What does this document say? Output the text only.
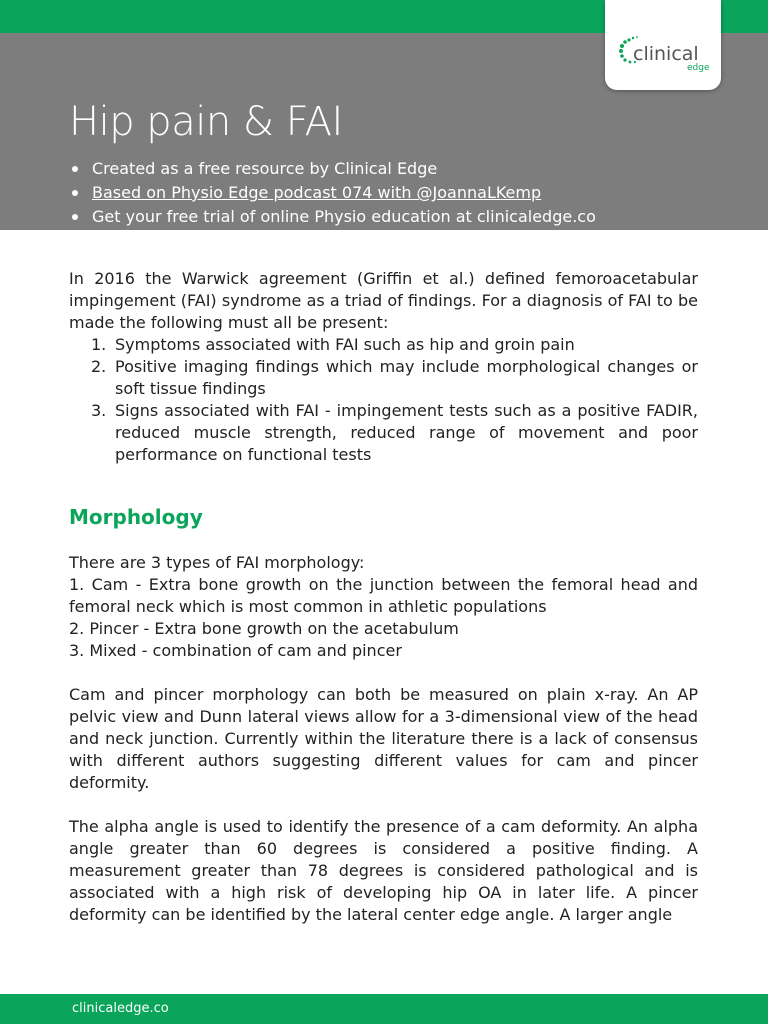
Hip pain & FAI
Created as a free resource by Clinical Edge
Based on Physio Edge podcast 074 with @JoannaLKemp
Get your free trial of online Physio education at clinicaledge.co
clinical
edge

In 2016 the Warwick agreement (Griffin et al.) defined femoroacetabular impingement (FAI) syndrome as a triad of findings. For a diagnosis of FAI to be made the following must all be present:

1. Symptoms associated with FAI such as hip and groin pain
2. Positive imaging findings which may include morphological changes or soft tissue findings
3. Signs associated with FAI - impingement tests such as a positive FADIR, reduced muscle strength, reduced range of movement and poor performance on functional tests
Morphology

There are 3 types of FAI morphology:

1. Cam - Extra bone growth on the junction between the femoral head and femoral neck which is most common in athletic populations

2. Pincer - Extra bone growth on the acetabulum

3. Mixed - combination of cam and pincer

Cam and pincer morphology can both be measured on plain x-ray. An AP pelvic view and Dunn lateral views allow for a 3-dimensional view of the head and neck junction. Currently within the literature there is a lack of consensus with different authors suggesting different values for cam and pincer deformity.

The alpha angle is used to identify the presence of a cam deformity. An alpha angle greater than 60 degrees is considered a positive finding. A measurement greater than 78 degrees is considered pathological and is associated with a high risk of developing hip OA in later life. A pincer deformity can be identified by the lateral center edge angle. A larger angle

clinicaledge.co
